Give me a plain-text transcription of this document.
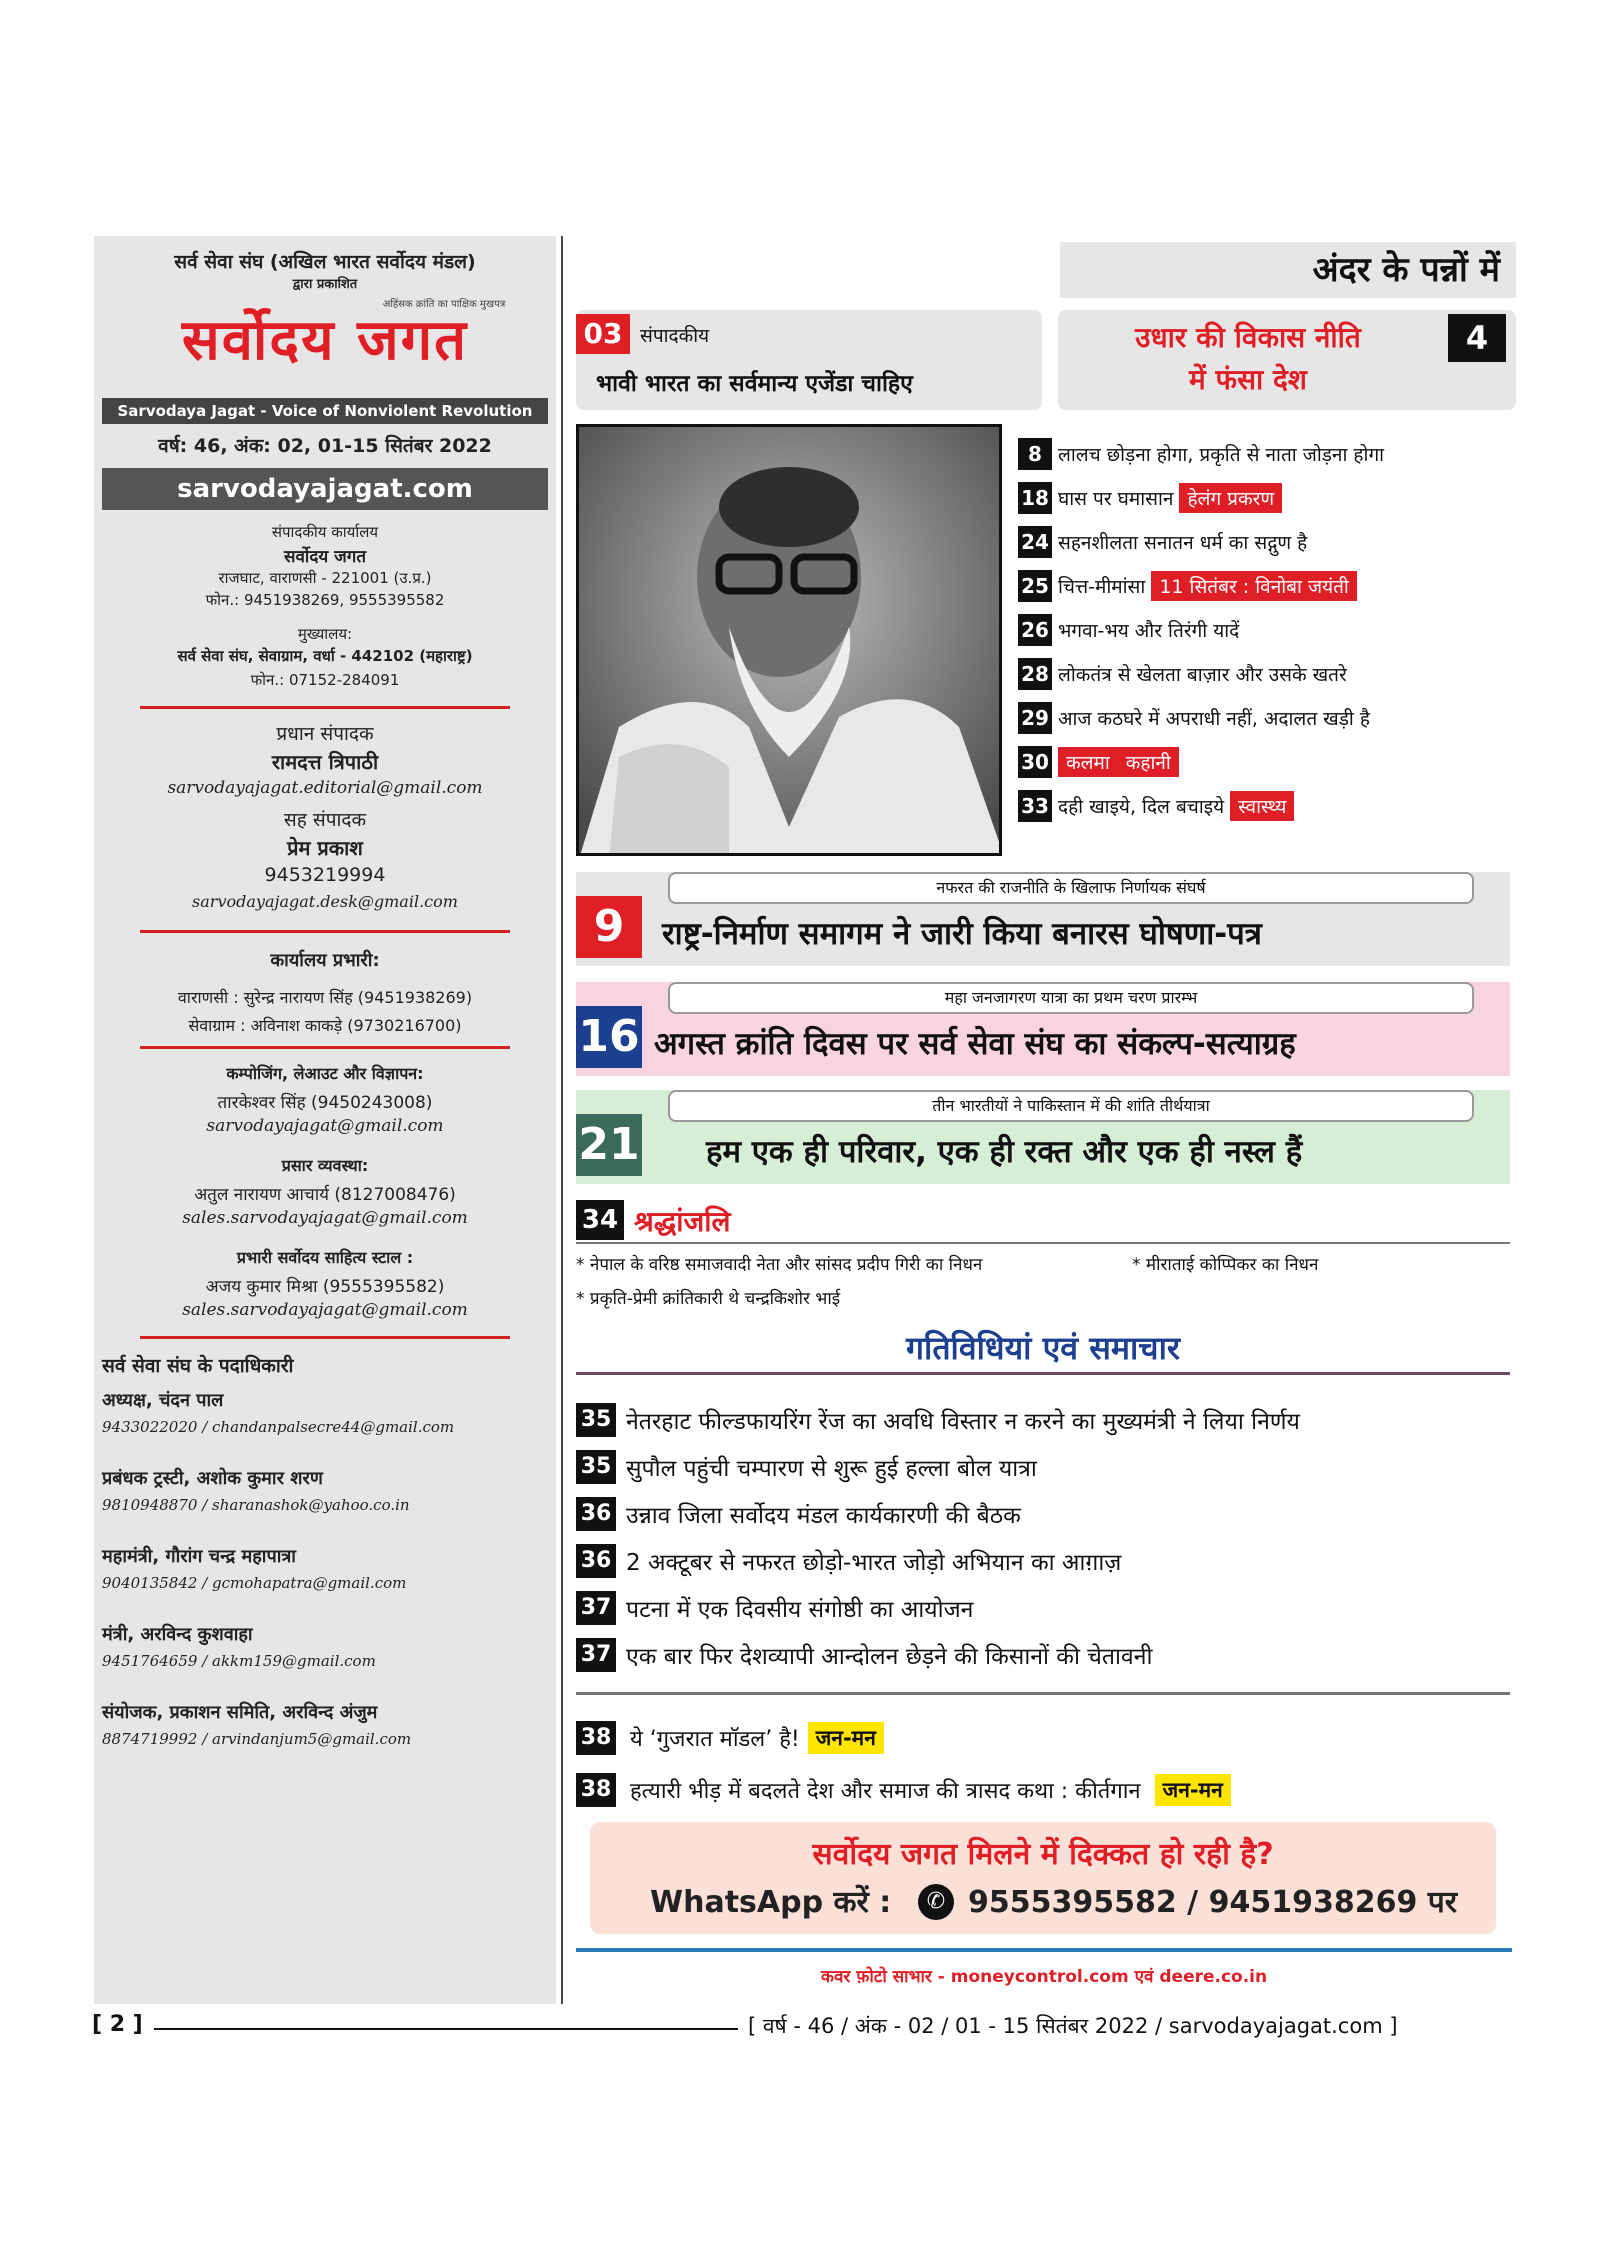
सर्व सेवा संघ (अखिल भारत सर्वोदय मंडल)
द्वारा प्रकाशित
अहिंसक क्रांति का पाक्षिक मुखपत्र
सर्वोदय जगत
Sarvodaya Jagat - Voice of Nonviolent Revolution
वर्ष: 46, अंक: 02, 01-15 सितंबर 2022
sarvodayajagat.com
संपादकीय कार्यालय
सर्वोदय जगत
राजघाट, वाराणसी - 221001 (उ.प्र.)
फोन.: 9451938269, 9555395582
मुख्यालय:
सर्व सेवा संघ, सेवाग्राम, वर्धा - 442102 (महाराष्ट्र)
फोन.: 07152-284091
प्रधान संपादक
रामदत्त त्रिपाठी
sarvodayajagat.editorial@gmail.com
सह संपादक
प्रेम प्रकाश
9453219994
sarvodayajagat.desk@gmail.com
कार्यालय प्रभारी:
वाराणसी : सुरेन्द्र नारायण सिंह (9451938269)
सेवाग्राम : अविनाश काकड़े (9730216700)
कम्पोजिंग, लेआउट और विज्ञापन:
तारकेश्वर सिंह (9450243008)
sarvodayajagat@gmail.com
प्रसार व्यवस्था:
अतुल नारायण आचार्य (8127008476)
sales.sarvodayajagat@gmail.com
प्रभारी सर्वोदय साहित्य स्टाल :
अजय कुमार मिश्रा (9555395582)
sales.sarvodayajagat@gmail.com
सर्व सेवा संघ के पदाधिकारी
अध्यक्ष, चंदन पाल
9433022020 / chandanpalsecre44@gmail.com
प्रबंधक ट्रस्टी, अशोक कुमार शरण
9810948870 / sharanashok@yahoo.co.in
महामंत्री, गौरांग चन्द्र महापात्रा
9040135842 / gcmohapatra@gmail.com
मंत्री, अरविन्द कुशवाहा
9451764659 / akkm159@gmail.com
संयोजक, प्रकाशन समिति, अरविन्द अंजुम
8874719992 / arvindanjum5@gmail.com
अंदर के पन्नों में
03 संपादकीय
भावी भारत का सर्वमान्य एजेंडा चाहिए
उधार की विकास नीति
में फंसा देश
4
8 लालच छोड़ना होगा, प्रकृति से नाता जोड़ना होगा
18 घास पर घमासान हेलंग प्रकरण
24 सहनशीलता सनातन धर्म का सद्गुण है
25 चित्त-मीमांसा 11 सितंबर : विनोबा जयंती
26 भगवा-भय और तिरंगी यादें
28 लोकतंत्र से खेलता बाज़ार और उसके खतरे
29 आज कठघरे में अपराधी नहीं, अदालत खड़ी है
30 कलमा कहानी
33 दही खाइये, दिल बचाइये स्वास्थ्य
नफरत की राजनीति के खिलाफ निर्णायक संघर्ष
9	राष्ट्र-निर्माण समागम ने जारी किया बनारस घोषणा-पत्र
महा जनजागरण यात्रा का प्रथम चरण प्रारम्भ
16 अगस्त क्रांति दिवस पर सर्व सेवा संघ का संकल्प-सत्याग्रह
तीन भारतीयों ने पाकिस्तान में की शांति तीर्थयात्रा
21 हम एक ही परिवार, एक ही रक्त और एक ही नस्ल हैं
34 श्रद्धांजलि
* नेपाल के वरिष्ठ समाजवादी नेता और सांसद प्रदीप गिरी का निधन	* मीराताई कोप्पिकर का निधन
* प्रकृति-प्रेमी क्रांतिकारी थे चन्द्रकिशोर भाई
गतिविधियां एवं समाचार
35 नेतरहाट फील्डफायरिंग रेंज का अवधि विस्तार न करने का मुख्यमंत्री ने लिया निर्णय
35 सुपौल पहुंची चम्पारण से शुरू हुई हल्ला बोल यात्रा
36 उन्नाव जिला सर्वोदय मंडल कार्यकारणी की बैठक
36 2 अक्टूबर से नफरत छोड़ो-भारत जोड़ो अभियान का आग़ाज़
37 पटना में एक दिवसीय संगोष्ठी का आयोजन
37 एक बार फिर देशव्यापी आन्दोलन छेड़ने की किसानों की चेतावनी
38 ये ‘गुजरात मॉडल’ है! जन-मन
38 हत्यारी भीड़ में बदलते देश और समाज की त्रासद कथा : कीर्तगान	जन-मन
सर्वोदय जगत मिलने में दिक्कत हो रही है?
WhatsApp करें :	✆ 9555395582 / 9451938269 पर
कवर फ़ोटो साभार - moneycontrol.com एवं deere.co.in
[ 2 ]	[ वर्ष - 46 / अंक - 02 / 01 - 15 सितंबर 2022 / sarvodayajagat.com ]
